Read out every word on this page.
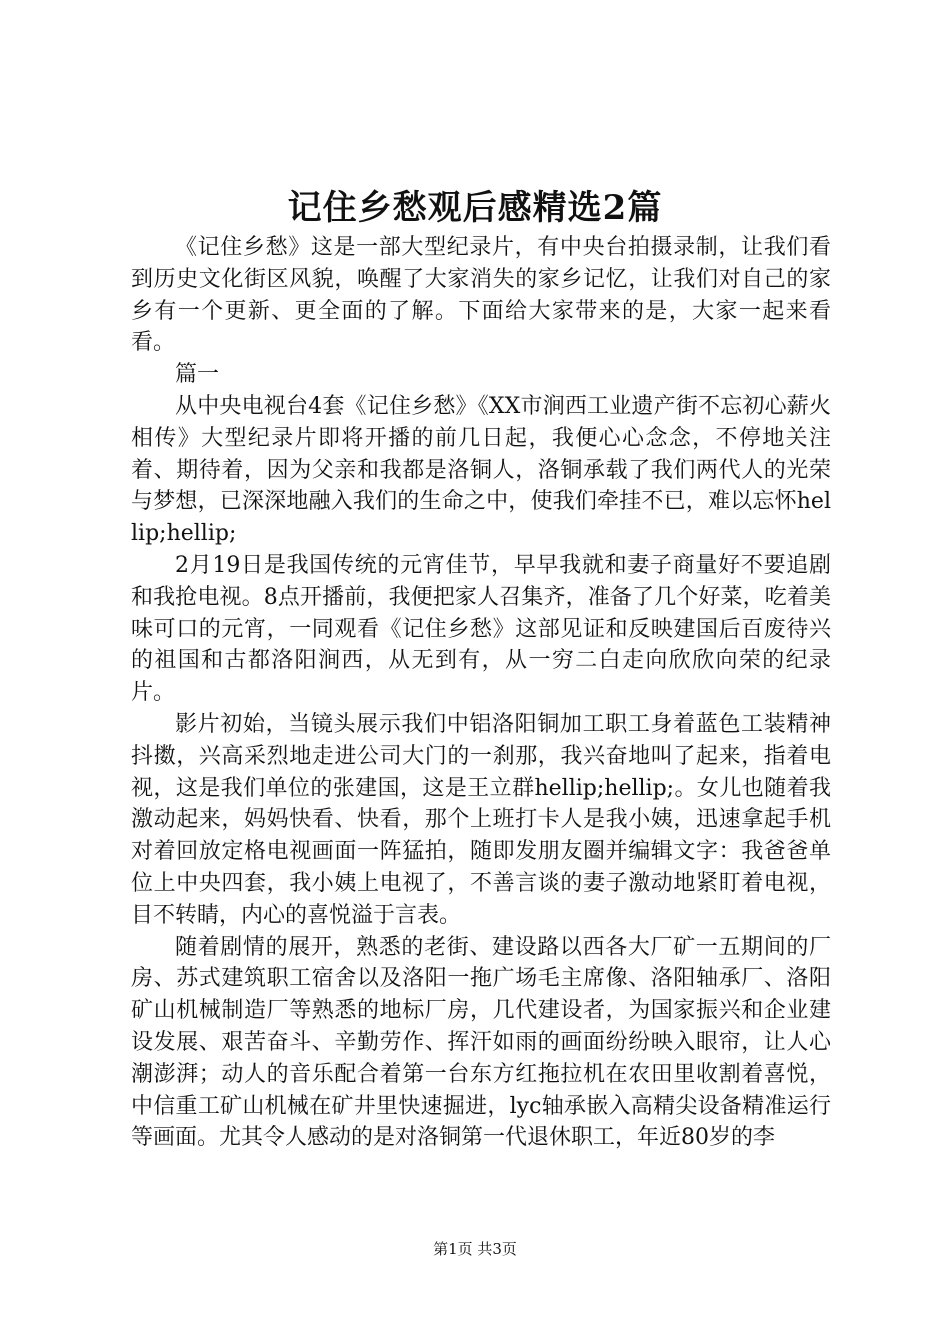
记住乡愁观后感精选2篇

《记住乡愁》这是一部大型纪录片，有中央台拍摄录制，让我们看到历史文化街区风貌，唤醒了大家消失的家乡记忆，让我们对自己的家乡有一个更新、更全面的了解。下面给大家带来的是，大家一起来看看。

篇一

从中央电视台4套《记住乡愁》《XX市涧西工业遗产街不忘初心薪火相传》大型纪录片即将开播的前几日起，我便心心念念，不停地关注着、期待着，因为父亲和我都是洛铜人，洛铜承载了我们两代人的光荣与梦想，已深深地融入我们的生命之中，使我们牵挂不已，难以忘怀hellip;hellip;

2月19日是我国传统的元宵佳节，早早我就和妻子商量好不要追剧和我抢电视。8点开播前，我便把家人召集齐，准备了几个好菜，吃着美味可口的元宵，一同观看《记住乡愁》这部见证和反映建国后百废待兴的祖国和古都洛阳涧西，从无到有，从一穷二白走向欣欣向荣的纪录片。

影片初始，当镜头展示我们中铝洛阳铜加工职工身着蓝色工装精神抖擞，兴高采烈地走进公司大门的一刹那，我兴奋地叫了起来，指着电视，这是我们单位的张建国，这是王立群hellip;hellip;。女儿也随着我激动起来，妈妈快看、快看，那个上班打卡人是我小姨，迅速拿起手机对着回放定格电视画面一阵猛拍，随即发朋友圈并编辑文字：我爸爸单位上中央四套，我小姨上电视了，不善言谈的妻子激动地紧盯着电视，目不转睛，内心的喜悦溢于言表。

随着剧情的展开，熟悉的老街、建设路以西各大厂矿一五期间的厂房、苏式建筑职工宿舍以及洛阳一拖广场毛主席像、洛阳轴承厂、洛阳矿山机械制造厂等熟悉的地标厂房，几代建设者，为国家振兴和企业建设发展、艰苦奋斗、辛勤劳作、挥汗如雨的画面纷纷映入眼帘，让人心潮澎湃；动人的音乐配合着第一台东方红拖拉机在农田里收割着喜悦，中信重工矿山机械在矿井里快速掘进，lyc轴承嵌入高精尖设备精准运行等画面。尤其令人感动的是对洛铜第一代退休职工，年近80岁的李

第1页 共3页
